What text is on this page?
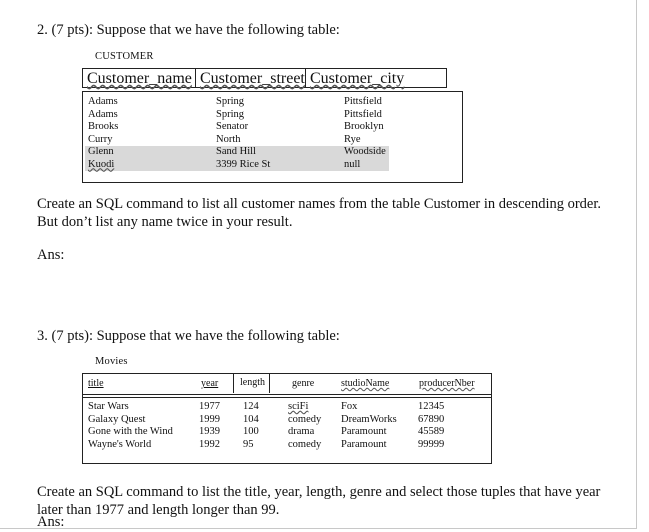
2. (7 pts): Suppose that we have the following table:
CUSTOMER
Customer_name Customer_street Customer_city
Adams	Spring	Pittsfield
Adams	Spring	Pittsfield
Brooks	Senator	Brooklyn
Curry	North	Rye
Glenn	Sand Hill	Woodside
Kuodi	3399 Rice St	null
Create an SQL command to list all customer names from the table Customer in descending order.
But don’t list any name twice in your result.
Ans:
3. (7 pts): Suppose that we have the following table:
Movies
title	year	length	genre	studioName	producerNber
Star Wars	1977 124	sciFi	Fox	12345
Galaxy Quest	1999 104	comedy DreamWorks 67890
Gone with the Wind 1939 100	drama	Paramount	45589
Wayne's World	1992 95	comedy Paramount	99999
Create an SQL command to list the title, year, length, genre and select those tuples that have year
later than 1977 and length longer than 99.
Ans:
